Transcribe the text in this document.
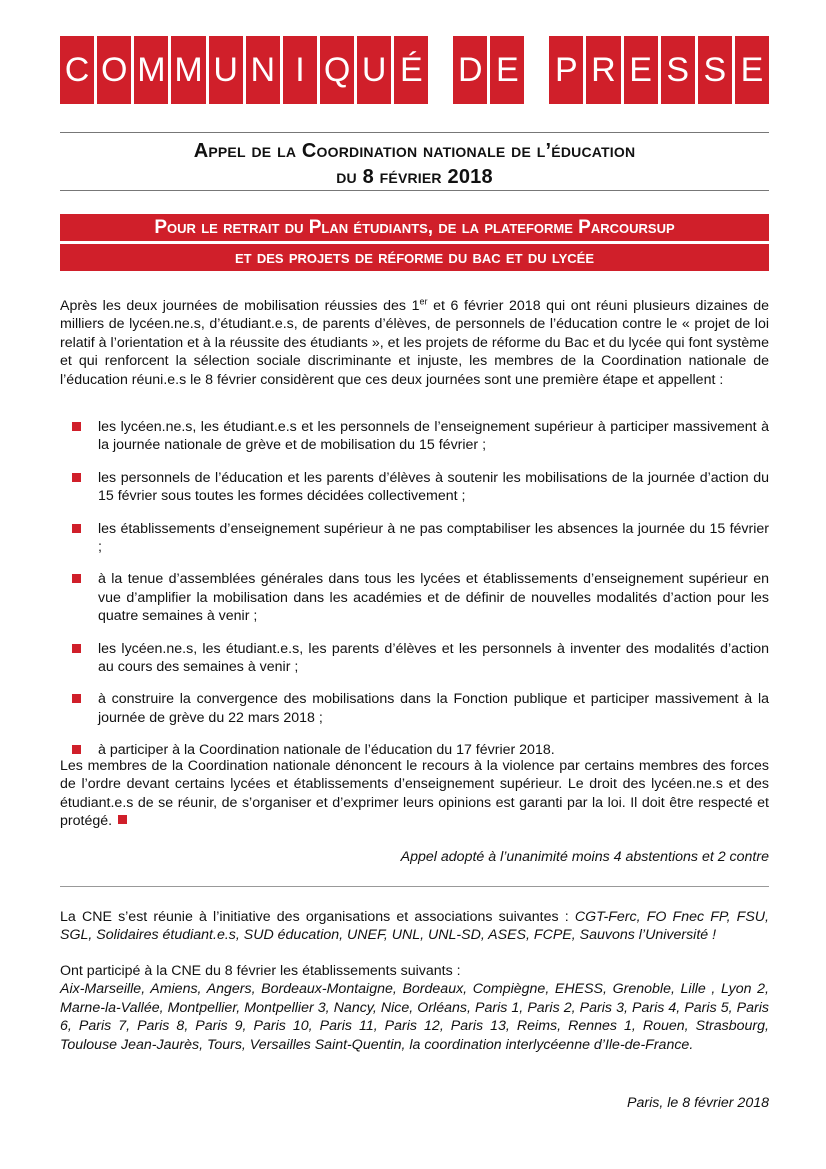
C O M M U N I Q U É D E P R E S S E
Appel de la Coordination nationale de l’éducation
du 8 février 2018
Pour le retrait du Plan étudiants, de la plateforme Parcoursup
et des projets de réforme du bac et du lycée
Après les deux journées de mobilisation réussies des 1er et 6 février 2018 qui ont réuni plusieurs dizaines de milliers de lycéen.ne.s, d’étudiant.e.s, de parents d’élèves, de personnels de l’éducation contre le « projet de loi relatif à l’orientation et à la réussite des étudiants », et les projets de réforme du Bac et du lycée qui font système et qui renforcent la sélection sociale discriminante et injuste, les membres de la Coordination nationale de l’éducation réuni.e.s le 8 février considèrent que ces deux journées sont une première étape et appellent :
les lycéen.ne.s, les étudiant.e.s et les personnels de l’enseignement supérieur à participer massivement à la journée nationale de grève et de mobilisation du 15 février ;
les personnels de l’éducation et les parents d’élèves à soutenir les mobilisations de la journée d’action du 15 février sous toutes les formes décidées collectivement ;
les établissements d’enseignement supérieur à ne pas comptabiliser les absences la journée du 15 février ;
à la tenue d’assemblées générales dans tous les lycées et établissements d’enseignement supérieur en vue d’amplifier la mobilisation dans les académies et de définir de nouvelles modalités d’action pour les quatre semaines à venir ;
les lycéen.ne.s, les étudiant.e.s, les parents d’élèves et les personnels à inventer des modalités d’action au cours des semaines à venir ;
à construire la convergence des mobilisations dans la Fonction publique et participer massivement à la journée de grève du 22 mars 2018 ;
à participer à la Coordination nationale de l’éducation du 17 février 2018.
Les membres de la Coordination nationale dénoncent le recours à la violence par certains membres des forces de l’ordre devant certains lycées et établissements d’enseignement supérieur. Le droit des lycéen.ne.s et des étudiant.e.s de se réunir, de s’organiser et d’exprimer leurs opinions est garanti par la loi. Il doit être respecté et protégé.
Appel adopté à l’unanimité moins 4 abstentions et 2 contre
La CNE s’est réunie à l’initiative des organisations et associations suivantes : CGT-Ferc, FO Fnec FP, FSU, SGL, Solidaires étudiant.e.s, SUD éducation, UNEF, UNL, UNL-SD, ASES, FCPE, Sauvons l’Université !
Ont participé à la CNE du 8 février les établissements suivants :
Aix-Marseille, Amiens, Angers, Bordeaux-Montaigne, Bordeaux, Compiègne, EHESS, Grenoble, Lille , Lyon 2, Marne-la-Vallée, Montpellier, Montpellier 3, Nancy, Nice, Orléans, Paris 1, Paris 2, Paris 3, Paris 4, Paris 5, Paris 6, Paris 7, Paris 8, Paris 9, Paris 10, Paris 11, Paris 12, Paris 13, Reims, Rennes 1, Rouen, Strasbourg, Toulouse Jean-Jaurès, Tours, Versailles Saint-Quentin, la coordination interlycéenne d’Ile-de-France.
Paris, le 8 février 2018
